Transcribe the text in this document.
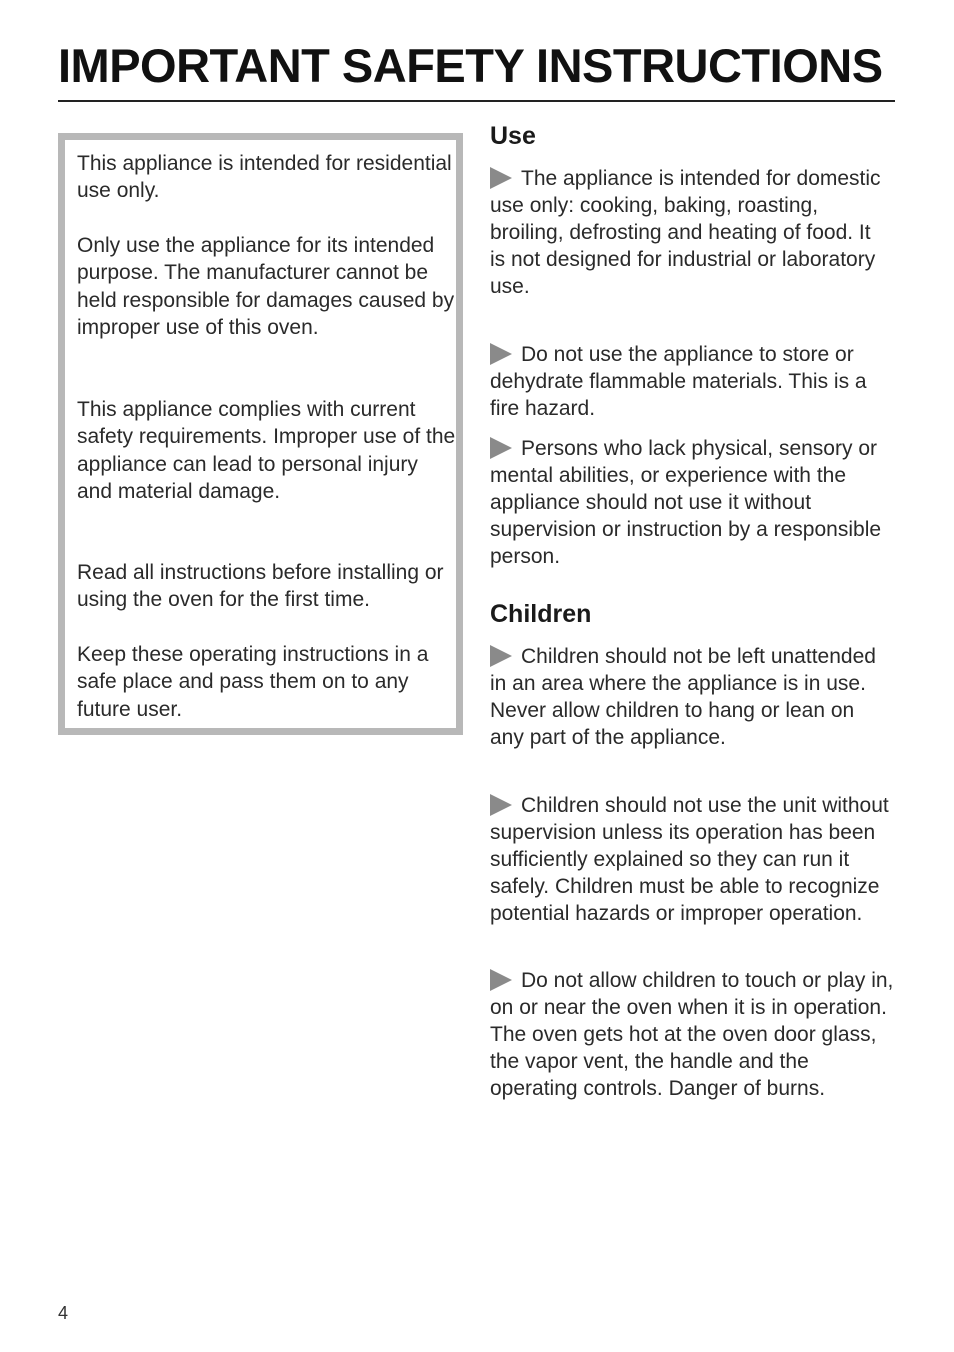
IMPORTANT SAFETY INSTRUCTIONS

This appliance is intended for residential use only.

Only use the appliance for its intended purpose. The manufacturer cannot be held responsible for damages caused by improper use of this oven.

This appliance complies with current safety requirements. Improper use of the appliance can lead to personal injury and material damage.

Read all instructions before installing or using the oven for the first time.

Keep these operating instructions in a safe place and pass them on to any future user.

Use

The appliance is intended for domestic use only: cooking, baking, roasting, broiling, defrosting and heating of food. It is not designed for industrial or laboratory use.

Do not use the appliance to store or dehydrate flammable materials. This is a fire hazard.

Persons who lack physical, sensory or mental abilities, or experience with the appliance should not use it without supervision or instruction by a responsible person.

Children

Children should not be left unattended in an area where the appliance is in use. Never allow children to hang or lean on any part of the appliance.

Children should not use the unit without supervision unless its operation has been sufficiently explained so they can run it safely. Children must be able to recognize potential hazards or improper operation.

Do not allow children to touch or play in, on or near the oven when it is in operation. The oven gets hot at the oven door glass, the vapor vent, the handle and the operating controls. Danger of burns.

4
